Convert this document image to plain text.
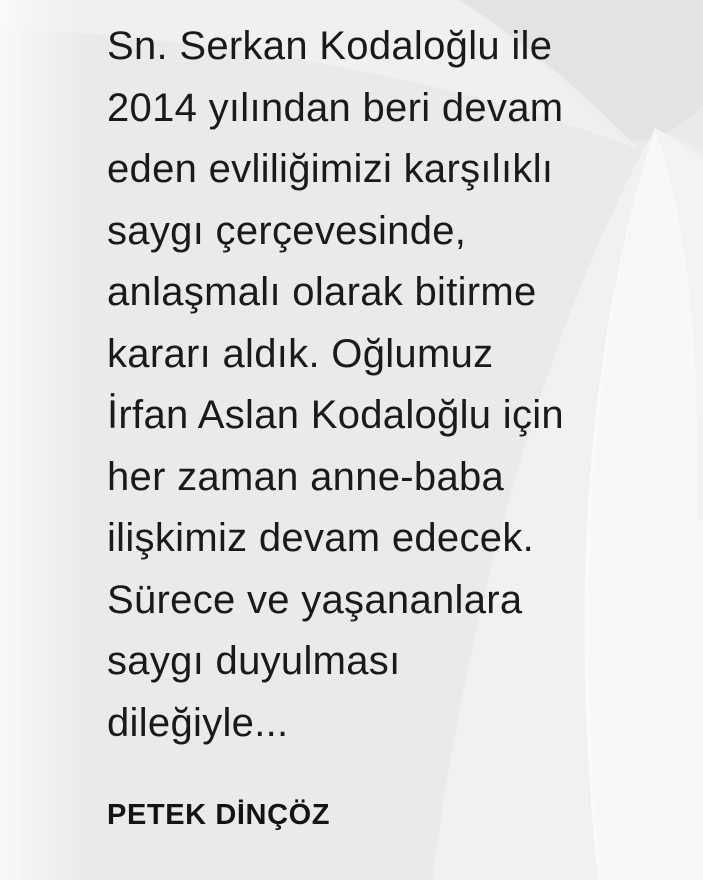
Sn. Serkan Kodaloğlu ile
2014 yılından beri devam
eden evliliğimizi karşılıklı
saygı çerçevesinde,
anlaşmalı olarak bitirme
kararı aldık. Oğlumuz
İrfan Aslan Kodaloğlu için
her zaman anne-baba
ilişkimiz devam edecek.
Sürece ve yaşananlara
saygı duyulması
dileğiyle...
PETEK DİNÇÖZ
